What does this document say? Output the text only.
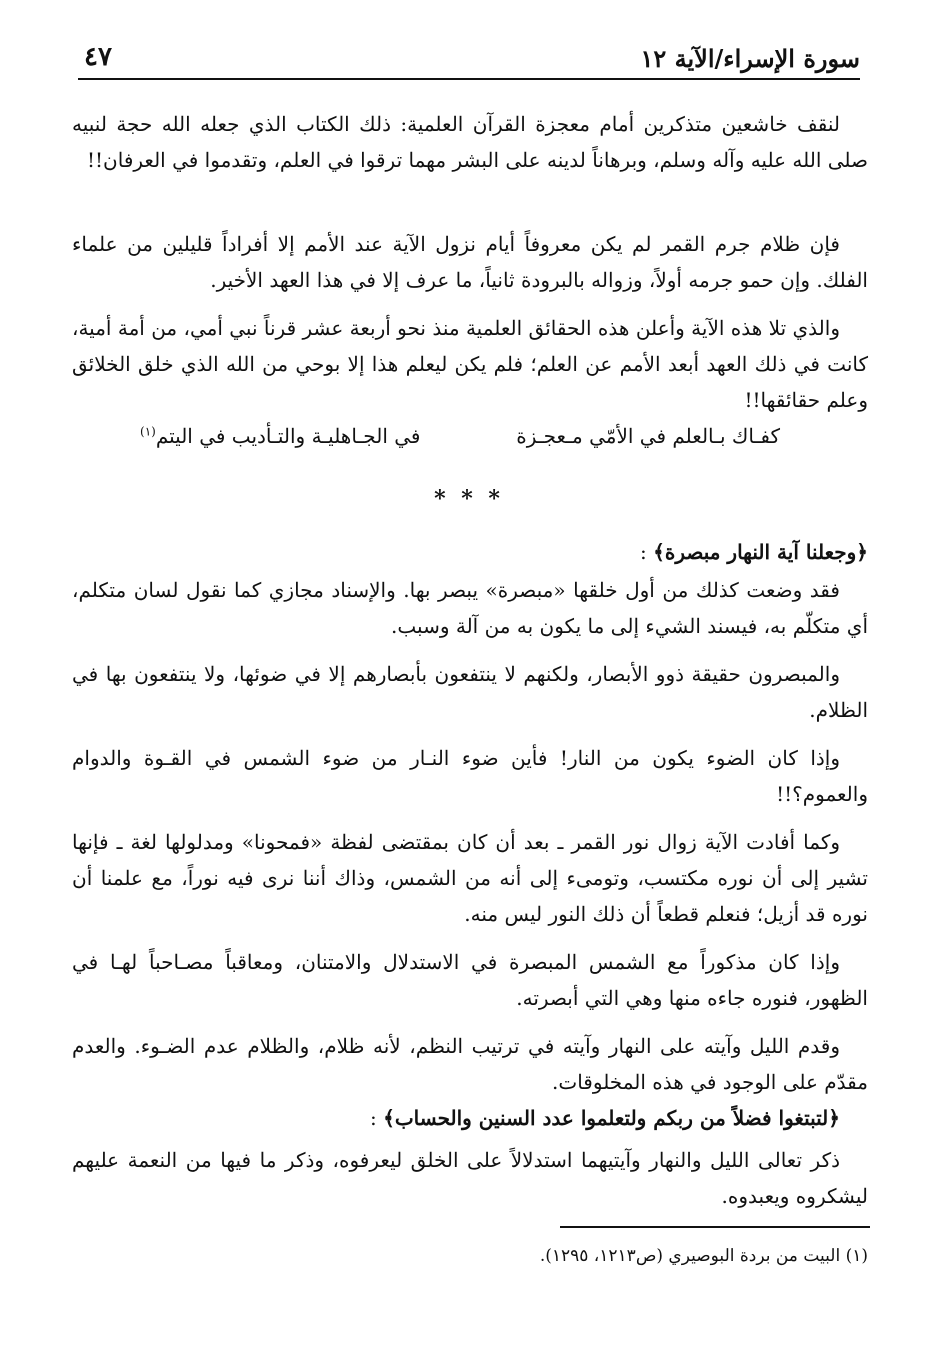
سورة الإسراء/الآية ١٢
٤٧

لنقف خاشعين متذكرين أمام معجزة القرآن العلمية: ذلك الكتاب الذي جعله الله حجة لنبيه صلى الله عليه وآله وسلم، وبرهاناً لدينه على البشر مهما ترقوا في العلم، وتقدموا في العرفان!!

فإن ظلام جرم القمر لم يكن معروفاً أيام نزول الآية عند الأمم إلا أفراداً قليلين من علماء الفلك. وإن حمو جرمه أولاً، وزواله بالبرودة ثانياً، ما عرف إلا في هذا العهد الأخير.

والذي تلا هذه الآية وأعلن هذه الحقائق العلمية منذ نحو أربعة عشر قرناً نبي أمي، من أمة أمية، كانت في ذلك العهد أبعد الأمم عن العلم؛ فلم يكن ليعلم هذا إلا بوحي من الله الذي خلق الخلائق وعلم حقائقها!!

كفـاك بـالعلم في الأمّي مـعجـزة
في الجـاهليـة والتـأديب في اليتم$^{(١)}$
* * *

﴿وجعلنا آية النهار مبصرة﴾ :

فقد وضعت كذلك من أول خلقها «مبصرة» يبصر بها. والإسناد مجازي كما نقول لسان متكلم، أي متكلّم به، فيسند الشيء إلى ما يكون به من آلة وسبب.

والمبصرون حقيقة ذوو الأبصار، ولكنهم لا ينتفعون بأبصارهم إلا في ضوئها، ولا ينتفعون بها في الظلام.

وإذا كان الضوء يكون من النار! فأين ضوء النـار من ضوء الشمس في القـوة والدوام والعموم؟!!

وكما أفادت الآية زوال نور القمر ـ بعد أن كان بمقتضى لفظة «فمحونا» ومدلولها لغة ـ فإنها تشير إلى أن نوره مكتسب، وتومىء إلى أنه من الشمس، وذاك أننا نرى فيه نوراً، مع علمنا أن نوره قد أزيل؛ فنعلم قطعاً أن ذلك النور ليس منه.

وإذا كان مذكوراً مع الشمس المبصرة في الاستدلال والامتنان، ومعاقباً مصـاحباً لهـا في الظهور، فنوره جاءه منها وهي التي أبصرته.

وقدم الليل وآيته على النهار وآيته في ترتيب النظم، لأنه ظلام، والظلام عدم الضـوء. والعدم مقدّم على الوجود في هذه المخلوقات.

﴿لتبتغوا فضلاً من ربكم ولتعلموا عدد السنين والحساب﴾ :

ذكر تعالى الليل والنهار وآيتيهما استدلالاً على الخلق ليعرفوه، وذكر ما فيها من النعمة عليهم ليشكروه ويعبدوه.

(١) البيت من بردة البوصيري (ص١٢١٣، ١٢٩٥).
